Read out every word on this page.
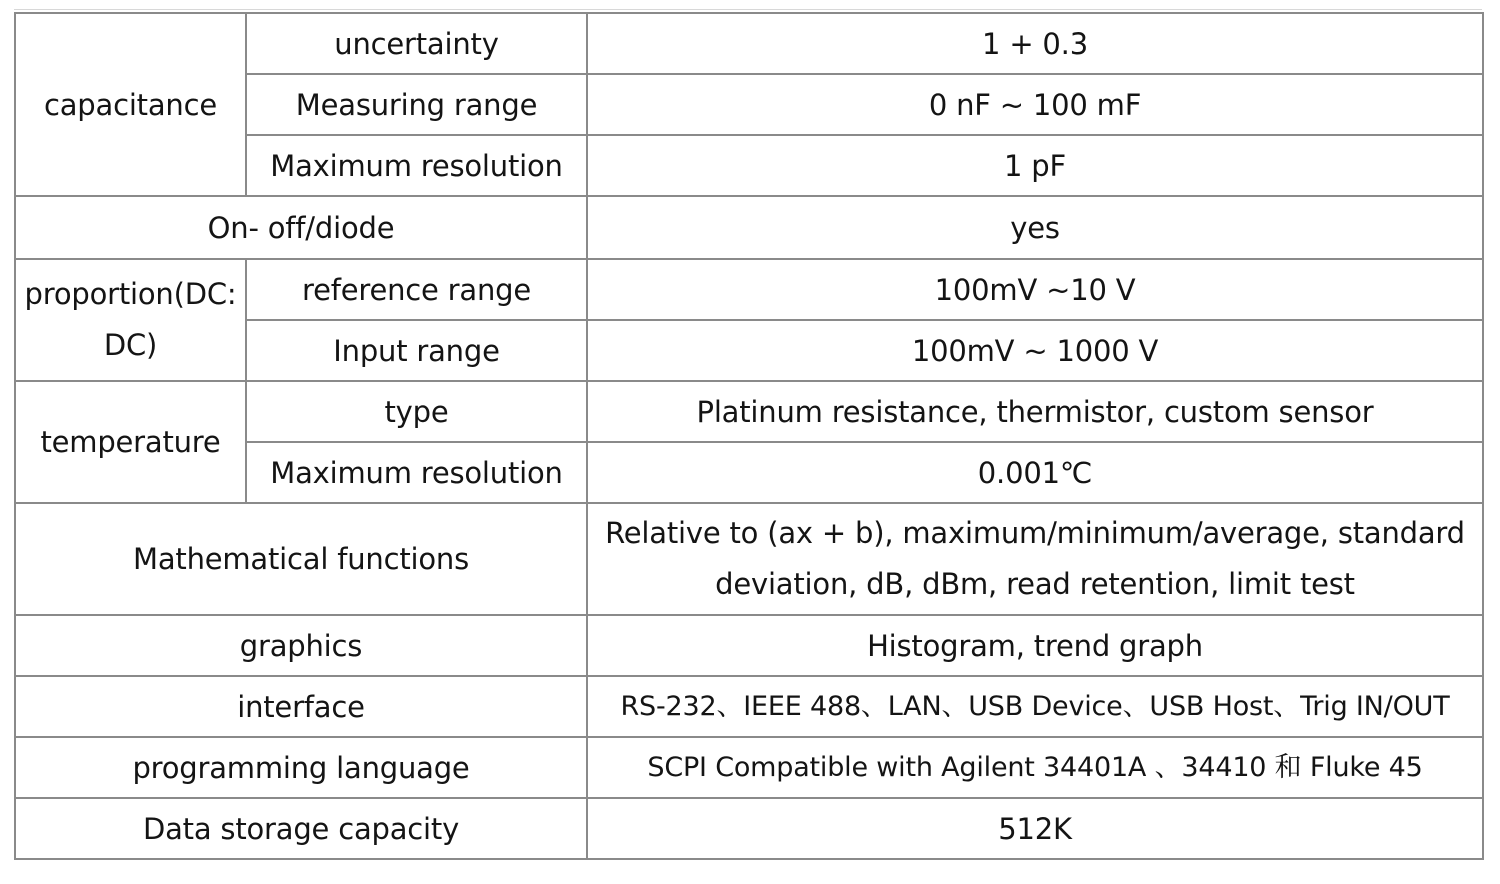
capacitance	uncertainty	1 + 0.3
	Measuring range	0 nF ~ 100 mF
	Maximum resolution	1 pF
On- off/diode		yes
proportion(DC: DC)	reference range	100mV ~10 V
	Input range	100mV ~ 1000 V
temperature	type	Platinum resistance, thermistor, custom sensor
	Maximum resolution	0.001℃
Mathematical functions		Relative to (ax + b), maximum/minimum/average, standard deviation, dB, dBm, read retention, limit test
graphics		Histogram, trend graph
interface		RS-232、IEEE 488、LAN、USB Device、USB Host、Trig IN/OUT
programming language		SCPI Compatible with Agilent 34401A 、34410 和 Fluke 45
Data storage capacity		512K
